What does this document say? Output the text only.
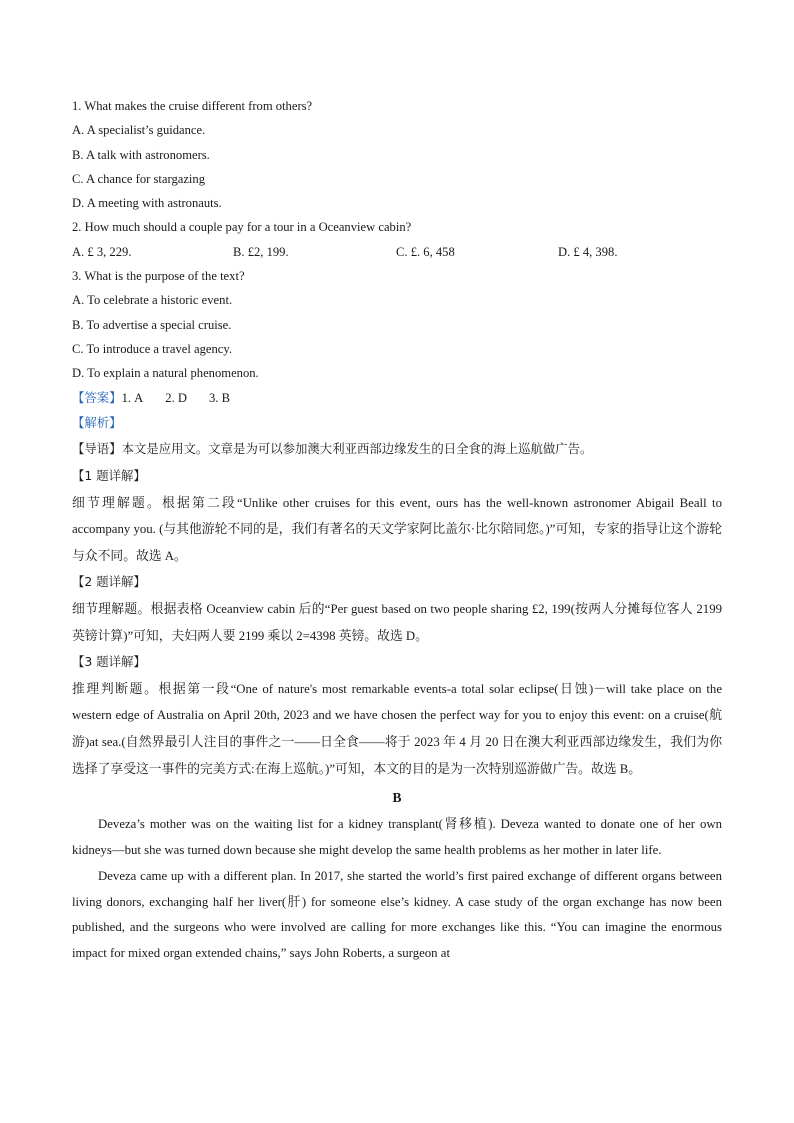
1. What makes the cruise different from others?
A. A specialist’s guidance.
B. A talk with astronomers.
C. A chance for stargazing
D. A meeting with astronauts.
2. How much should a couple pay for a tour in a Oceanview cabin?
A. £ 3, 229.	B. £2, 199.	C. £. 6, 458	D. £ 4, 398.
3. What is the purpose of the text?
A. To celebrate a historic event.
B. To advertise a special cruise.
C. To introduce a travel agency.
D. To explain a natural phenomenon.
【答案】1. A 2. D 3. B
【解析】
【导语】本文是应用文。文章是为可以参加澳大利亚西部边缘发生的日全食的海上巡航做广告。
【1 题详解】
细节理解题。根据第二段“Unlike other cruises for this event, ours has the well-known astronomer Abigail Beall to accompany you. (与其他游轮不同的是，我们有著名的天文学家阿比盖尔·比尔陪同您。)”可知，专家的指导让这个游轮与众不同。故选 A。
【2 题详解】
细节理解题。根据表格 Oceanview cabin 后的“Per guest based on two people sharing £2, 199(按两人分摊每位客人 2199 英镑计算)”可知，夫妇两人要 2199 乘以 2=4398 英镑。故选 D。
【3 题详解】
推理判断题。根据第一段“One of nature's most remarkable events-a total solar eclipse(日蚀)－will take place on the western edge of Australia on April 20th, 2023 and we have chosen the perfect way for you to enjoy this event: on a cruise(航游)at sea.(自然界最引人注目的事件之一——日全食——将于 2023 年 4 月 20 日在澳大利亚西部边缘发生，我们为你选择了享受这一事件的完美方式:在海上巡航。)”可知，本文的目的是为一次特别巡游做广告。故选 B。
B
Deveza’s mother was on the waiting list for a kidney transplant(肾移植). Deveza wanted to donate one of her own kidneys—but she was turned down because she might develop the same health problems as her mother in later life.
Deveza came up with a different plan. In 2017, she started the world’s first paired exchange of different organs between living donors, exchanging half her liver(肝) for someone else’s kidney. A case study of the organ exchange has now been published, and the surgeons who were involved are calling for more exchanges like this. “You can imagine the enormous impact for mixed organ extended chains,” says John Roberts, a surgeon at
